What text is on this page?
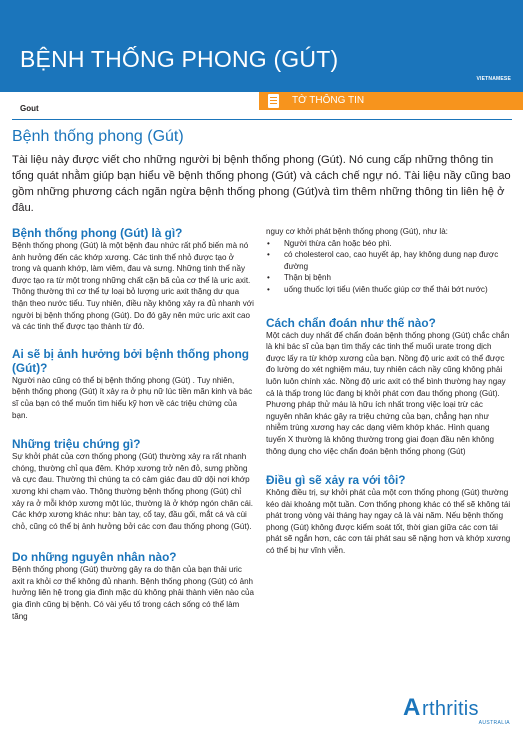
BỆNH THỐNG PHONG (GÚT)
VIETNAMESE
Gout
TỜ THÔNG TIN
Bệnh thống phong (Gút)

Tài liệu này được viết cho những người bị bệnh thống phong (Gút). Nó cung cấp những thông tin tổng quát nhằm giúp bạn hiểu về bệnh thống phong (Gút) và cách chế ngự nó. Tài liệu nầy cũng bao gồm những phương cách ngăn ngừa bệnh thống phong (Gút)và tìm thêm những thông tin liên hệ ở đâu.

Bệnh thống phong (Gút) là gì?

Bệnh thống phong (Gút) là một bệnh đau nhức rất phổ biến mà nó ảnh hưởng đến các khớp xương. Các tinh thể nhỏ được tạo ở trong và quanh khớp, làm viêm, đau và sưng. Những tinh thể nầy được tạo ra từ một trong những chất cặn bã của cơ thể là uric axit. Thông thường thì cơ thể tự loại bỏ lượng uric axit thặng dư qua thận theo nước tiểu. Tuy nhiên, điều nầy không xảy ra đủ nhanh với người bị bệnh thống phong (Gút). Do đó gây nên mức uric axit cao và các tinh thể được tạo thành từ đó.

Ai sẽ bị ảnh hưởng bởi bệnh thống phong (Gút)?

Người nào cũng có thể bị bệnh thống phong (Gút) . Tuy nhiên, bệnh thống phong (Gút) ít xảy ra ở phụ nữ lúc tiền mãn kinh và bác sĩ của bạn có thể muốn tìm hiểu kỹ hơn về các triệu chứng của bạn.

Những triệu chứng gì?

Sự khởi phát của cơn thống phong (Gút) thường xảy ra rất nhanh chóng, thường chỉ qua đêm. Khớp xương trở nên đỏ, sưng phồng và cực đau. Thường thì chúng ta có cảm giác đau dữ dội nơi khớp xương khi chạm vào. Thông thường bệnh thống phong (Gút) chỉ xảy ra ở mỗi khớp xương một lúc, thường là ở khớp ngón chân cái. Các khớp xương khác như: bàn tay, cổ tay, đầu gối, mắt cá và cùi chỏ, cũng có thể bị ảnh hưởng bởi các cơn đau thống phong (Gút).

Do những nguyên nhân nào?

Bệnh thống phong (Gút) thường gây ra do thận của bạn thải uric axit ra khỏi cơ thể không đủ nhanh. Bệnh thống phong (Gút) có ảnh hưởng liên hệ trong gia đình mặc dù không phải thành viên nào của gia đình cũng bị bệnh. Có vài yếu tố trong cách sống có thể làm tăng

nguy cơ khởi phát bệnh thống phong (Gút), như là:

• Người thừa cân hoặc béo phì.
• có cholesterol cao, cao huyết áp, hay không dung nạp được đường
• Thận bị bệnh
• uống thuốc lợi tiểu (viên thuốc giúp cơ thể thải bớt nước)
Cách chẩn đoán như thế nào?

Một cách duy nhất để chẩn đoán bệnh thống phong (Gút) chắc chắn là khi bác sĩ của bạn tìm thấy các tinh thể muối urate trong dịch được lấy ra từ khớp xương của bạn. Nồng độ uric axit có thể được đo lường do xét nghiệm máu, tuy nhiên cách nầy cũng không phải luôn luôn chính xác. Nồng độ uric axit có thể bình thường hay ngay cả là thấp trong lúc đang bị khởi phát cơn đau thống phong (Gút). Phương pháp thử máu là hữu ích nhất trong việc loại trừ các nguyên nhân khác gây ra triệu chứng của bạn, chẳng hạn như nhiễm trùng xương hay các dạng viêm khớp khác. Hình quang tuyến X thường là không thường trong giai đoạn đầu nên không thông dụng cho việc chẩn đoán bệnh thống phong (Gút)

Điều gì sẽ xảy ra với tôi?

Không điều trị, sự khởi phát của một cơn thống phong (Gút) thường kéo dài khoảng một tuần. Cơn thống phong khác có thể sẽ không tái phát trong vòng vài tháng hay ngay cả là vài năm. Nếu bệnh thống phong (Gút) không được kiểm soát tốt, thời gian giữa các cơn tái phát sẽ ngắn hơn, các cơn tái phát sau sẽ nặng hơn và khớp xương có thể bị hư vĩnh viễn.

A rthritis
AUSTRALIA
